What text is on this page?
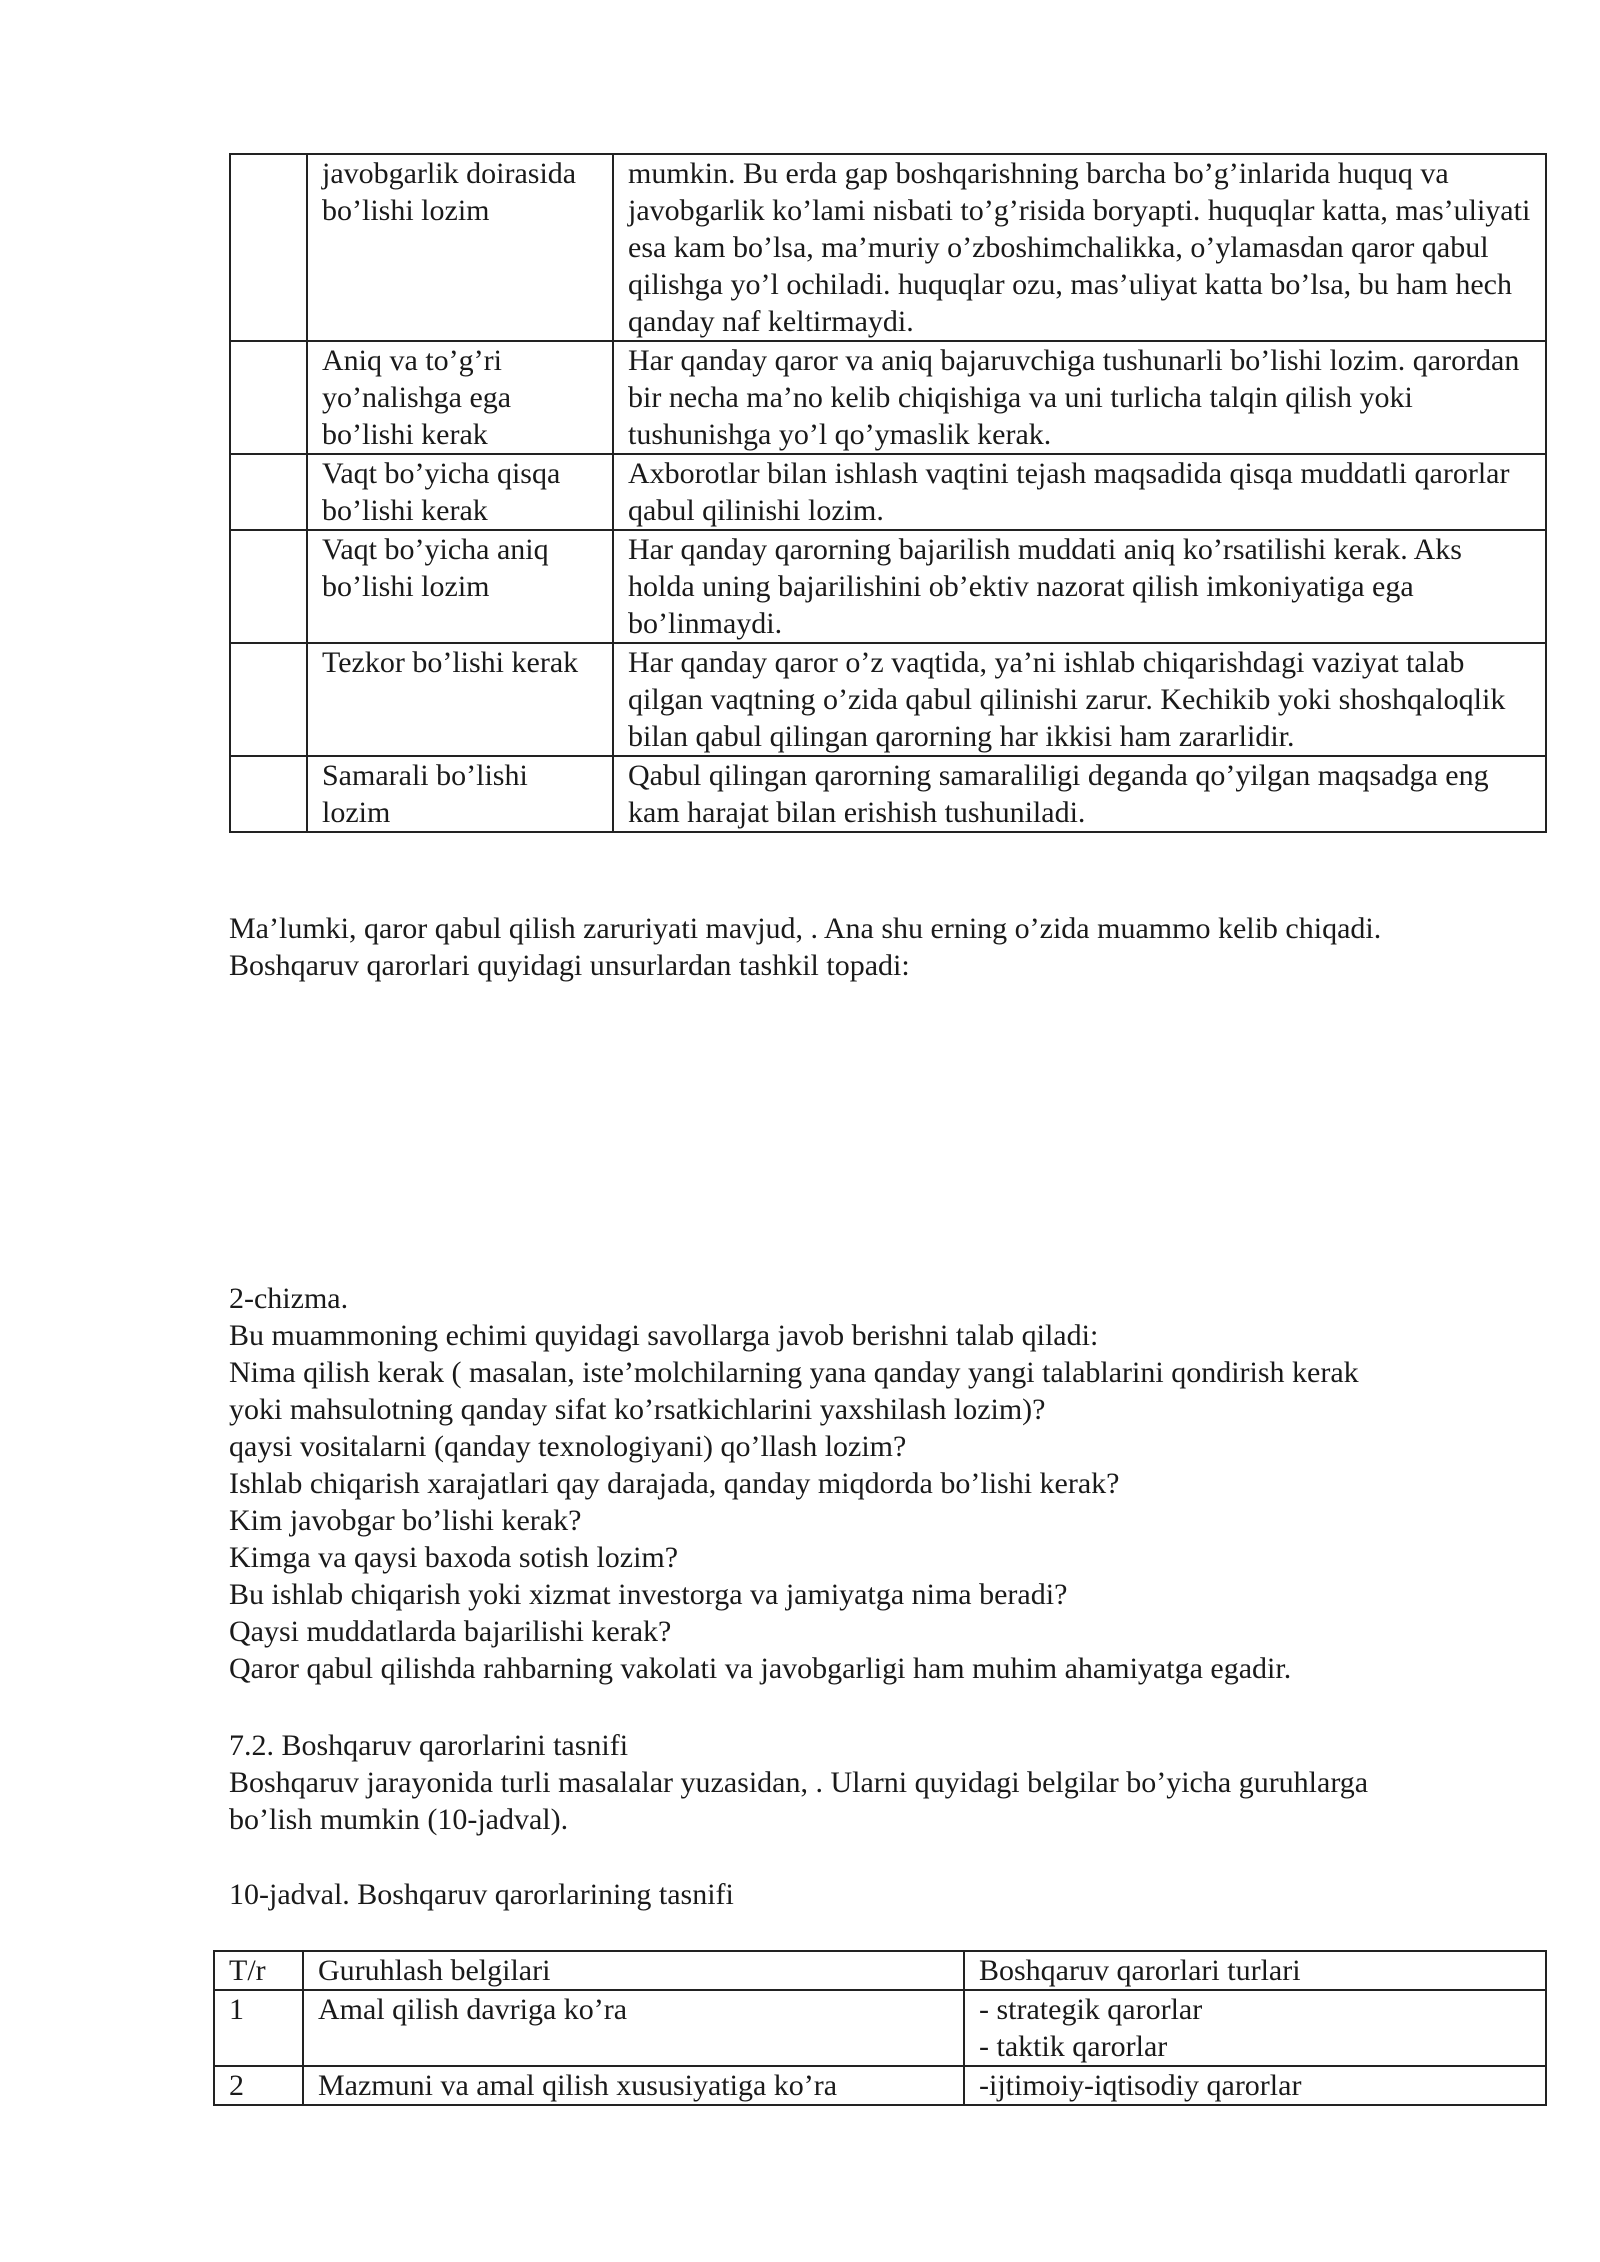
	javobgarlik doirasida bo’lishi lozim	mumkin. Bu erda gap boshqarishning barcha bo’g’inlarida huquq va javobgarlik ko’lami nisbati to’g’risida boryapti. huquqlar katta, mas’uliyati esa kam bo’lsa, ma’muriy o’zboshimchalikka, o’ylamasdan qaror qabul qilishga yo’l ochiladi. huquqlar ozu, mas’uliyat katta bo’lsa, bu ham hech qanday naf keltirmaydi.
	Aniq va to’g’ri yo’nalishga ega bo’lishi kerak	Har qanday qaror va aniq bajaruvchiga tushunarli bo’lishi lozim. qarordan bir necha ma’no kelib chiqishiga va uni turlicha talqin qilish yoki tushunishga yo’l qo’ymaslik kerak.
	Vaqt bo’yicha qisqa bo’lishi kerak	Axborotlar bilan ishlash vaqtini tejash maqsadida qisqa muddatli qarorlar qabul qilinishi lozim.
	Vaqt bo’yicha aniq bo’lishi lozim	Har qanday qarorning bajarilish muddati aniq ko’rsatilishi kerak. Aks holda uning bajarilishini ob’ektiv nazorat qilish imkoniyatiga ega bo’linmaydi.
	Tezkor bo’lishi kerak	Har qanday qaror o’z vaqtida, ya’ni ishlab chiqarishdagi vaziyat talab qilgan vaqtning o’zida qabul qilinishi zarur. Kechikib yoki shoshqaloqlik bilan qabul qilingan qarorning har ikkisi ham zararlidir.
	Samarali bo’lishi lozim	Qabul qilingan qarorning samaraliligi deganda qo’yilgan maqsadga eng kam harajat bilan erishish tushuniladi.
Ma’lumki, qaror qabul qilish zaruriyati mavjud, . Ana shu erning o’zida muammo kelib chiqadi.
Boshqaruv qarorlari quyidagi unsurlardan tashkil topadi:
2-chizma.
Bu muammoning echimi quyidagi savollarga javob berishni talab qiladi:
Nima qilish kerak ( masalan, iste’molchilarning yana qanday yangi talablarini qondirish kerak
yoki mahsulotning qanday sifat ko’rsatkichlarini yaxshilash lozim)?
qaysi vositalarni (qanday texnologiyani) qo’llash lozim?
Ishlab chiqarish xarajatlari qay darajada, qanday miqdorda bo’lishi kerak?
Kim javobgar bo’lishi kerak?
Kimga va qaysi baxoda sotish lozim?
Bu ishlab chiqarish yoki xizmat investorga va jamiyatga nima beradi?
Qaysi muddatlarda bajarilishi kerak?
Qaror qabul qilishda rahbarning vakolati va javobgarligi ham muhim ahamiyatga egadir.
7.2. Boshqaruv qarorlarini tasnifi
Boshqaruv jarayonida turli masalalar yuzasidan, . Ularni quyidagi belgilar bo’yicha guruhlarga
bo’lish mumkin (10-jadval).
10-jadval. Boshqaruv qarorlarining tasnifi
T/r	Guruhlash belgilari	Boshqaruv qarorlari turlari
1	Amal qilish davriga ko’ra	- strategik qarorlar
- taktik qarorlar

2	Mazmuni va amal qilish xususiyatiga ko’ra	-ijtimoiy-iqtisodiy qarorlar
